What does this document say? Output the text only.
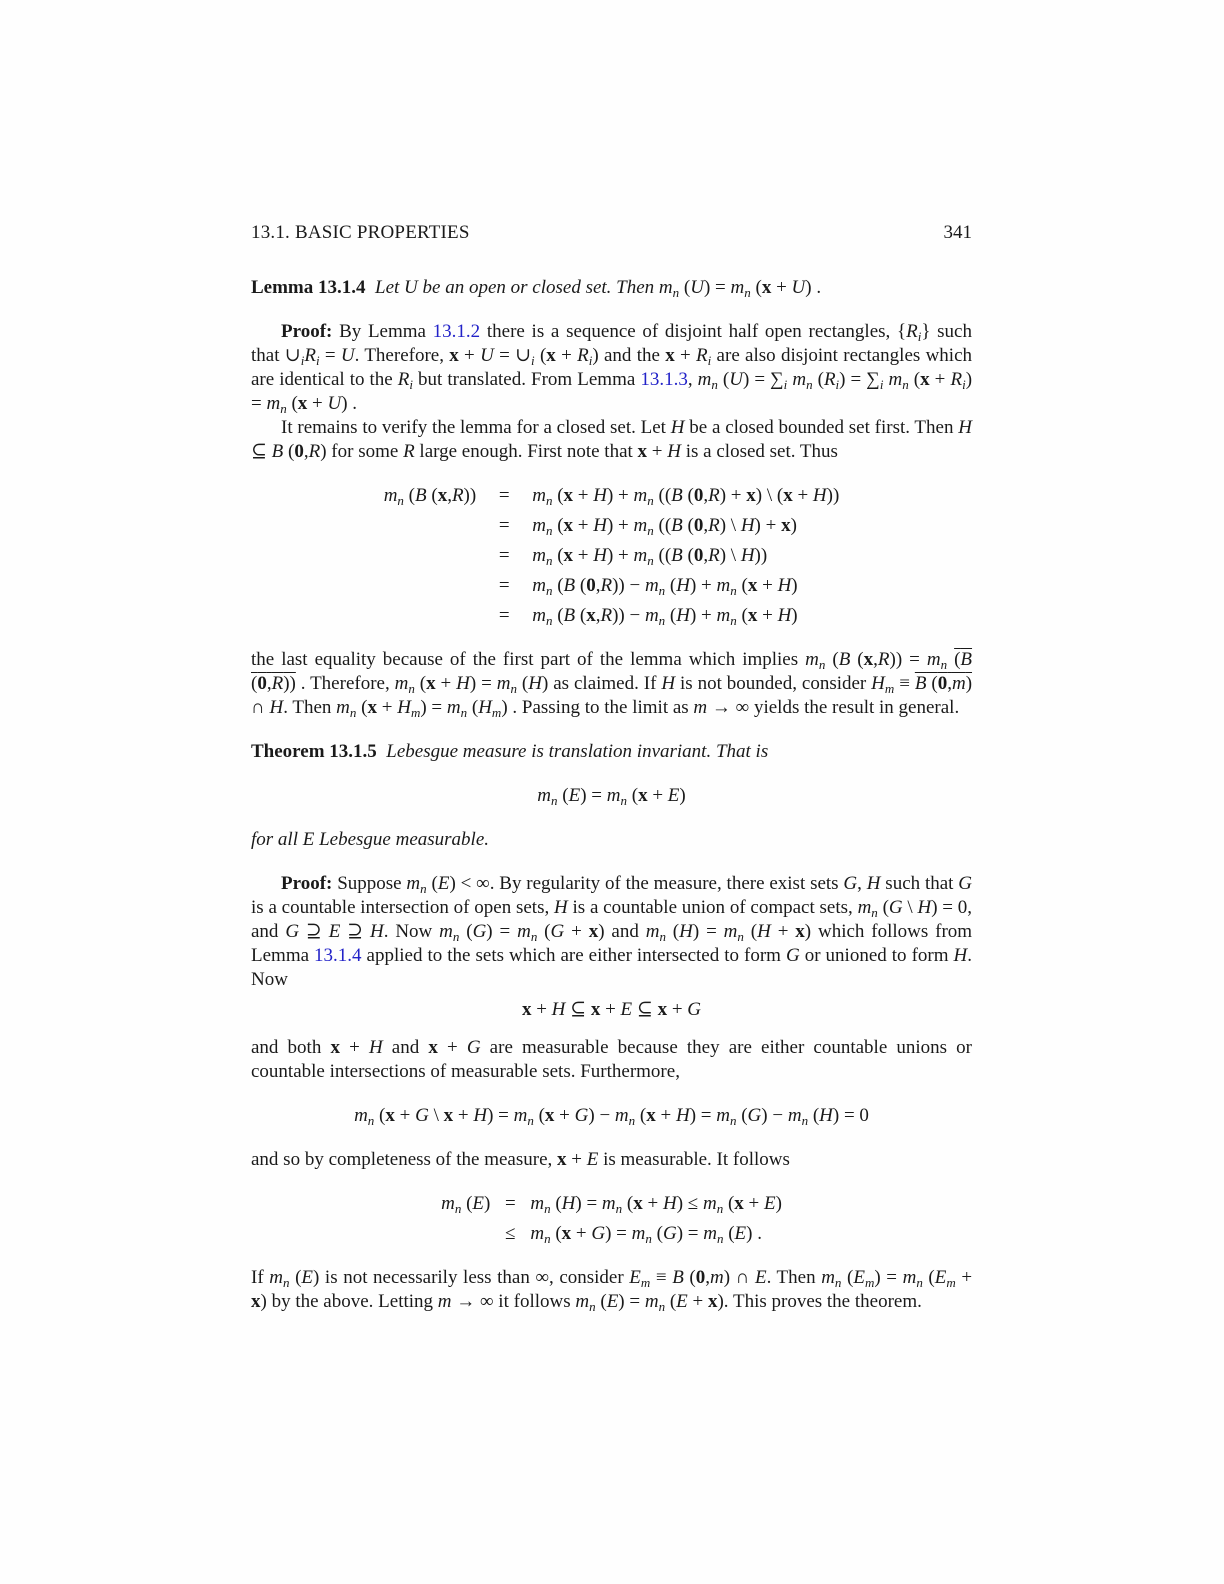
13.1. BASIC PROPERTIES	341

Lemma 13.1.4 Let U be an open or closed set. Then $m_n$ $(U) = m_n$ (x + U) .

Proof: By Lemma 13.1.2 there is a sequence of disjoint half open rectangles, $\{R_i\}$ such that $\cup_iR_i = U$. Therefore, $x + U = \cup_i$ $(x + R_i)$ and the $x + R_i$ are also disjoint rectangles which are identical to the $R_i$ but translated. From Lemma 13.1.3, $m_n$ $(U) = \sum_i$ $m_n$ $(R_i) = \sum_i$ $m_n$ $(x + R_i) = m_n$ (x + U) .

It remains to verify the lemma for a closed set. Let H be a closed bounded set first. Then H ⊆ B (0,R) for some R large enough. First note that x + H is a closed set. Thus

$m_n$ (B (x,R))	=	$m_n$ $(x + H) + m_n$ ((B (0,R) + x) \ (x + H))
=	$m_n$ $(x + H) + m_n$ ((B (0,R) \ H) + x)
=	$m_n$ $(x + H) + m_n$ ((B (0,R) \ H))
=	$m_n$ (B $(0,R)) - m_n$ $(H) + m_n$ (x + H)
=	$m_n$ (B $(x,R)) - m_n$ $(H) + m_n$ (x + H)

the last equality because of the first part of the lemma which implies $m_n$ (B $(x,R)) = m_n$ (B (0,R)) . Therefore, $m_n$ $(x + H) = m_n$ (H) as claimed. If H is not bounded, consider $H_m \equiv B$ (0,m) ∩ H. Then $m_n$ $(x + H_m) = m_n$ $(H_m)$ . Passing to the limit as m → ∞ yields the result in general.

Theorem 13.1.5 Lebesgue measure is translation invariant. That is

$m_n$ $(E) = m_n$ (x + E)

for all E Lebesgue measurable.

Proof: Suppose $m_n$ (E) < ∞. By regularity of the measure, there exist sets G, H such that G is a countable intersection of open sets, H is a countable union of compact sets, $m_n$ (G \ H) = 0, and G ⊇ E ⊇ H. Now $m_n$ $(G) = m_n$ (G + x) and $m_n$ $(H) = m_n$ (H + x) which follows from Lemma 13.1.4 applied to the sets which are either intersected to form G or unioned to form H. Now

x + H ⊆ x + E ⊆ x + G

and both x + H and x + G are measurable because they are either countable unions or countable intersections of measurable sets. Furthermore,

$m_n$ (x + G \ $x + H) = m_n$ $(x + G) - m_n$ $(x + H) = m_n$ $(G) - m_n$ (H) = 0

and so by completeness of the measure, x + E is measurable. It follows

$m_n$ $(E) = m_n$ $(H) = m_n$ $(x + H) \le m_n$ (x + E)
≤ $m_n$ $(x + G) = m_n$ $(G) = m_n$ (E) .

If $m_n$ (E) is not necessarily less than ∞, consider $E_m \equiv B$ (0,m) ∩ E. Then $m_n$ $(E_m) = m_n$ $(E_m + x)$ by the above. Letting m → ∞ it follows $m_n$ $(E) = m_n$ (E + x). This proves the theorem.
